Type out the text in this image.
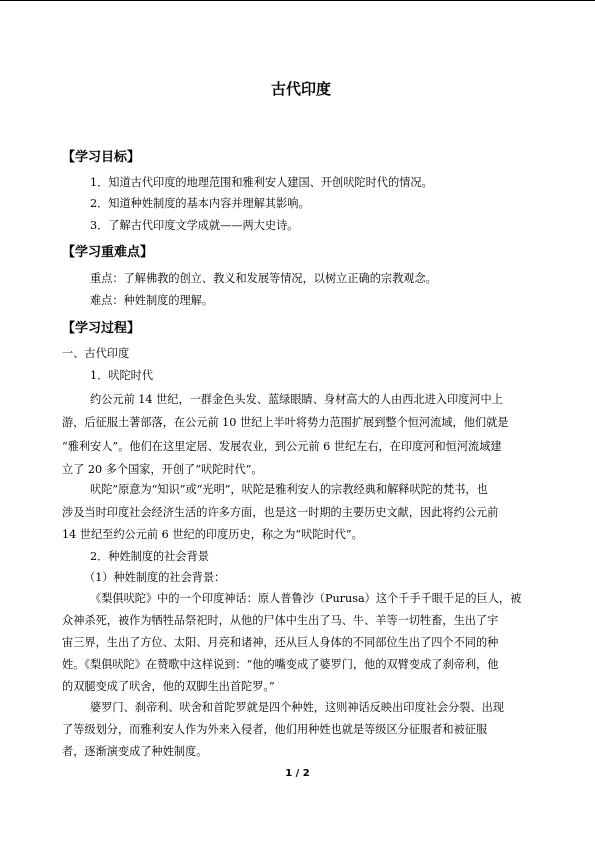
古代印度
【学习目标】
1．知道古代印度的地理范围和雅利安人建国、开创吠陀时代的情况。
2．知道种姓制度的基本内容并理解其影响。
3．了解古代印度文学成就——两大史诗。
【学习重难点】
重点：了解佛教的创立、教义和发展等情况，以树立正确的宗教观念。
难点：种姓制度的理解。
【学习过程】
一、古代印度
1．吠陀时代
约公元前 14 世纪，一群金色头发、蓝绿眼睛、身材高大的人由西北进入印度河中上
游，后征服土著部落，在公元前 10 世纪上半叶将势力范围扩展到整个恒河流域，他们就是
“雅利安人”。他们在这里定居、发展农业，到公元前 6 世纪左右，在印度河和恒河流域建
立了 20 多个国家，开创了“吠陀时代”。
吠陀”原意为“知识”或“光明”，吠陀是雅利安人的宗教经典和解释吠陀的梵书，也
涉及当时印度社会经济生活的许多方面，也是这一时期的主要历史文献，因此将约公元前
14 世纪至约公元前 6 世纪的印度历史，称之为“吠陀时代”。
2．种姓制度的社会背景
（1）种姓制度的社会背景：
《梨俱吠陀》中的一个印度神话：原人普鲁沙（Purusa）这个千手千眼千足的巨人，被
众神杀死，被作为牺牲品祭祀时，从他的尸体中生出了马、牛、羊等一切牲畜，生出了宇
宙三界，生出了方位、太阳、月亮和诸神，还从巨人身体的不同部位生出了四个不同的种
姓。《梨俱吠陀》在赞歌中这样说到：“他的嘴变成了婆罗门，他的双臂变成了刹帝利，他
的双腿变成了吠舍，他的双脚生出首陀罗。”
婆罗门、刹帝利、吠舍和首陀罗就是四个种姓，这则神话反映出印度社会分裂、出现
了等级划分，而雅利安人作为外来入侵者，他们用种姓也就是等级区分征服者和被征服
者，逐渐演变成了种姓制度。
1 / 2
